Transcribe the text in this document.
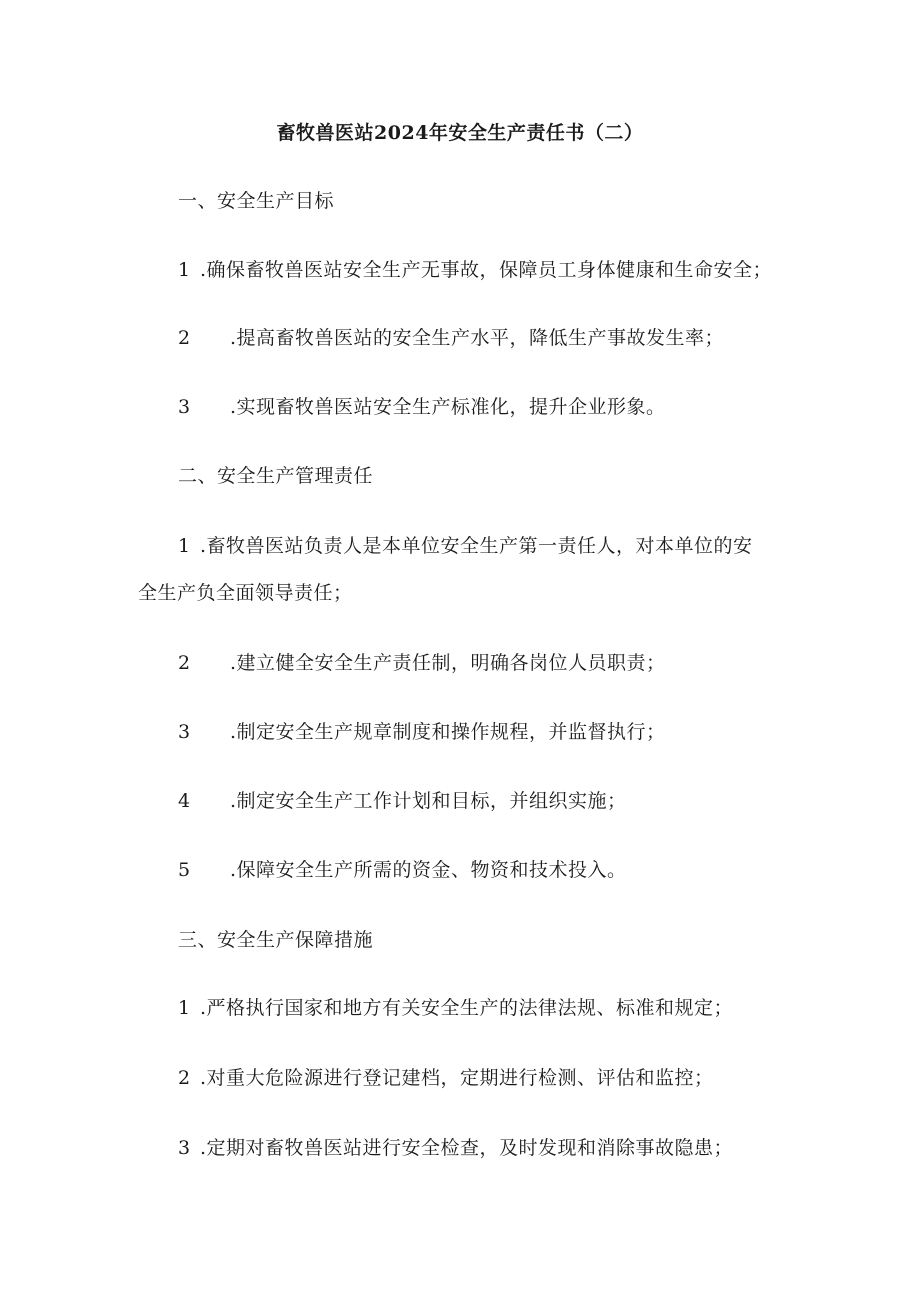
畜牧兽医站2024年安全生产责任书（二）
一、安全生产目标
1 .确保畜牧兽医站安全生产无事故，保障员工身体健康和生命安全；
2 .提高畜牧兽医站的安全生产水平，降低生产事故发生率；
3 .实现畜牧兽医站安全生产标准化，提升企业形象。
二、安全生产管理责任
1 .畜牧兽医站负责人是本单位安全生产第一责任人，对本单位的安
全生产负全面领导责任；
2 .建立健全安全生产责任制，明确各岗位人员职责；
3 .制定安全生产规章制度和操作规程，并监督执行；
4 .制定安全生产工作计划和目标，并组织实施；
5 .保障安全生产所需的资金、物资和技术投入。
三、安全生产保障措施
1 .严格执行国家和地方有关安全生产的法律法规、标准和规定；
2 .对重大危险源进行登记建档，定期进行检测、评估和监控；
3 .定期对畜牧兽医站进行安全检查，及时发现和消除事故隐患；
